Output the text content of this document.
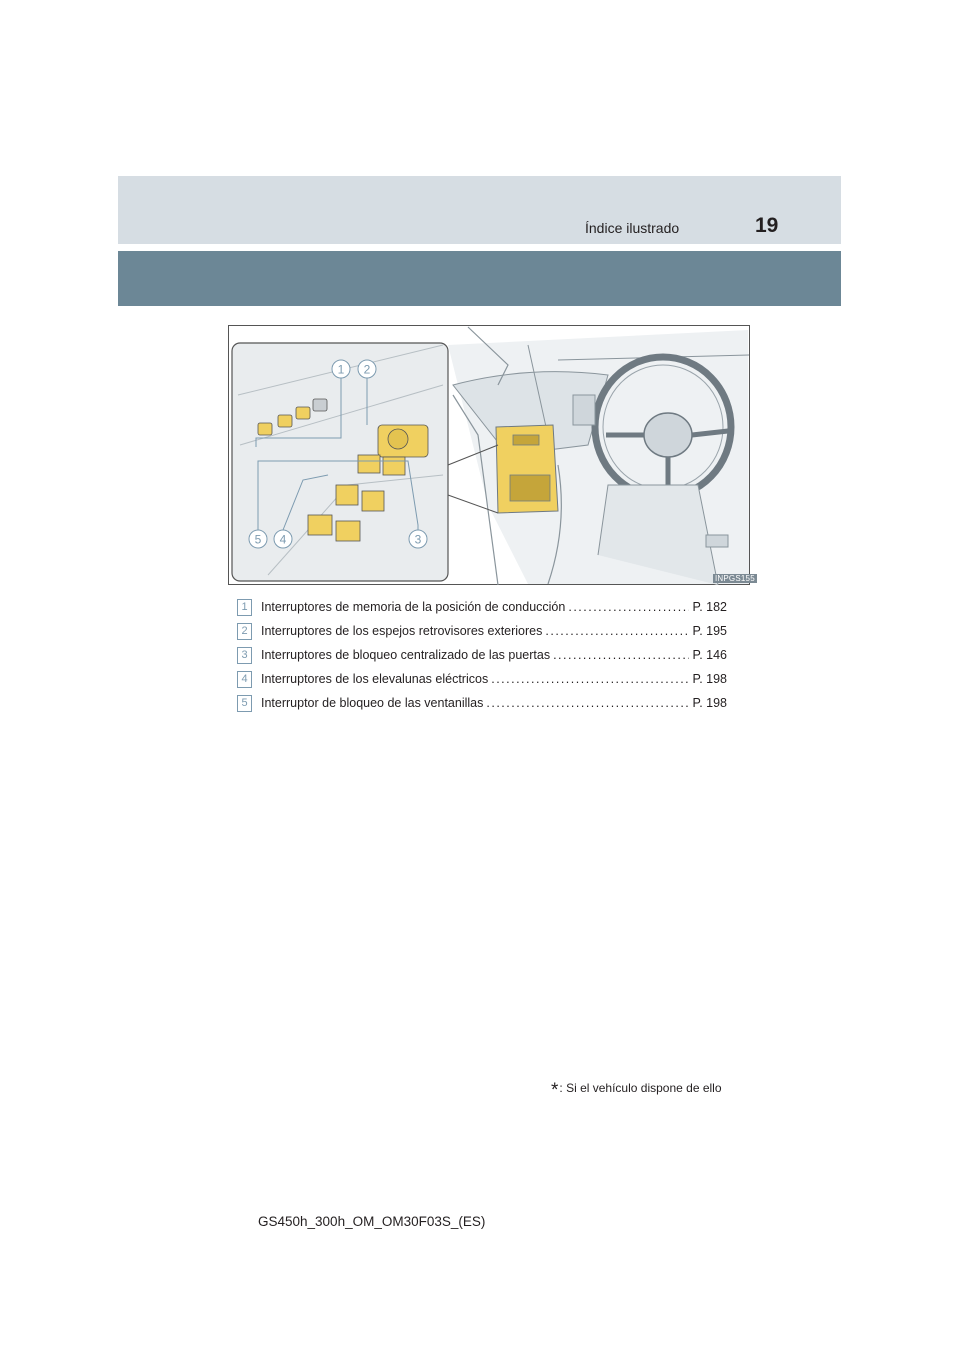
Índice ilustrado	19
1 2
3
4
5
INPGS155
1	Interruptores de memoria de la posición de conducción .....	P. 182
2	Interruptores de los espejos retrovisores exteriores .....	P. 195
3	Interruptores de bloqueo centralizado de las puertas .....	P. 146
4	Interruptores de los elevalunas eléctricos .....	P. 198
5	Interruptor de bloqueo de las ventanillas .....	P. 198
*: Si el vehículo dispone de ello
GS450h_300h_OM_OM30F03S_(ES)
